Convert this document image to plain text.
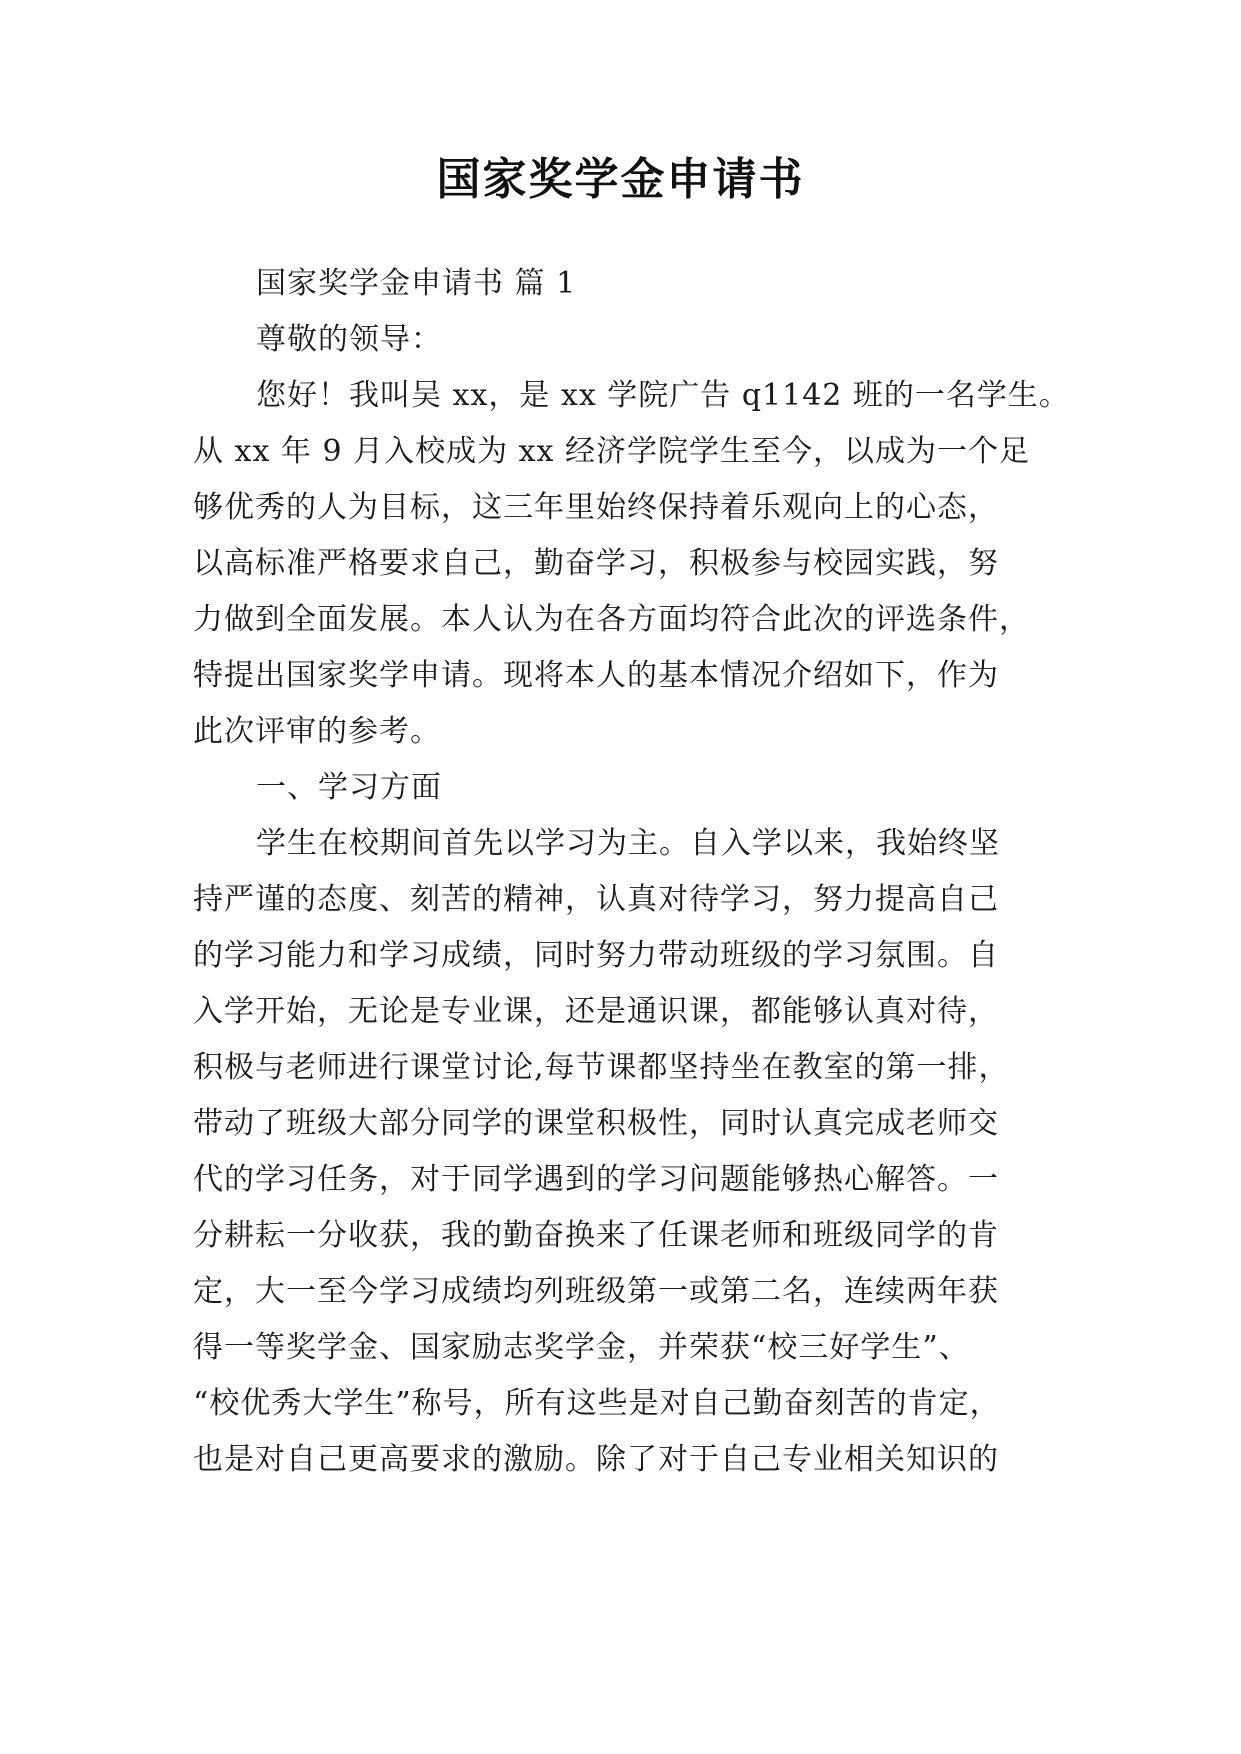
国家奖学金申请书
国家奖学金申请书 篇 1
尊敬的领导：
您好！我叫吴 xx，是 xx 学院广告 q1142 班的一名学生。
从 xx 年 9 月入校成为 xx 经济学院学生至今，以成为一个足
够优秀的人为目标，这三年里始终保持着乐观向上的心态，
以高标准严格要求自己，勤奋学习，积极参与校园实践，努
力做到全面发展。本人认为在各方面均符合此次的评选条件，
特提出国家奖学申请。现将本人的基本情况介绍如下，作为
此次评审的参考。
一、学习方面
学生在校期间首先以学习为主。自入学以来，我始终坚
持严谨的态度、刻苦的精神，认真对待学习，努力提高自己
的学习能力和学习成绩，同时努力带动班级的学习氛围。自
入学开始，无论是专业课，还是通识课，都能够认真对待，
积极与老师进行课堂讨论,每节课都坚持坐在教室的第一排，
带动了班级大部分同学的课堂积极性，同时认真完成老师交
代的学习任务，对于同学遇到的学习问题能够热心解答。一
分耕耘一分收获，我的勤奋换来了任课老师和班级同学的肯
定，大一至今学习成绩均列班级第一或第二名，连续两年获
得一等奖学金、国家励志奖学金，并荣获“校三好学生”、
“校优秀大学生”称号，所有这些是对自己勤奋刻苦的肯定，
也是对自己更高要求的激励。除了对于自己专业相关知识的
